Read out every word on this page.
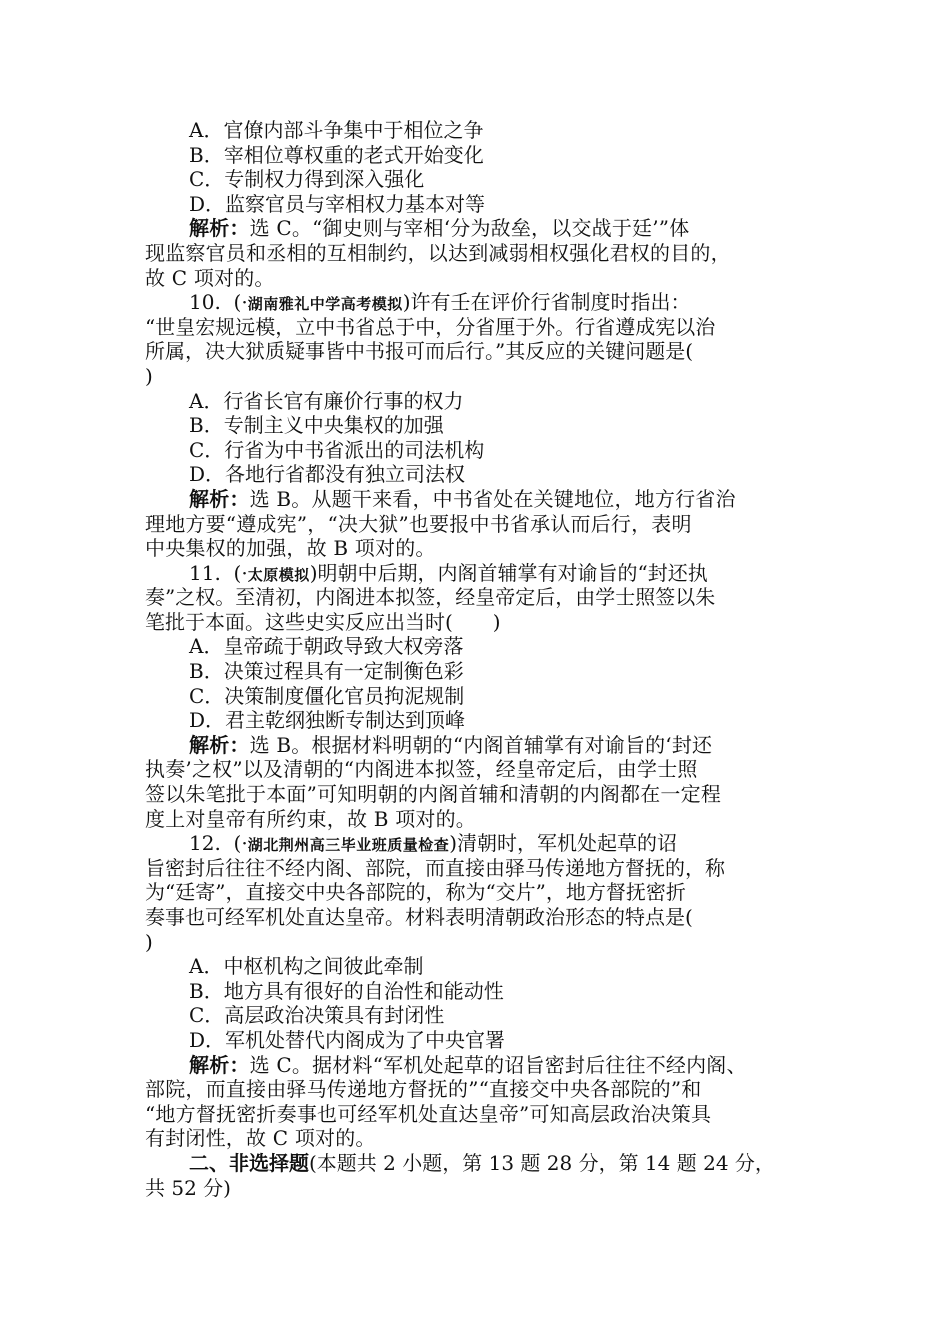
A．官僚内部斗争集中于相位之争
B．宰相位尊权重的老式开始变化
C．专制权力得到深入强化
D．监察官员与宰相权力基本对等
解析：选 C。“御史则与宰相‘分为敌垒，以交战于廷’”体
现监察官员和丞相的互相制约，以达到减弱相权强化君权的目的，
故 C 项对的。
10. (·湖南雅礼中学高考模拟)许有壬在评价行省制度时指出：
“世皇宏规远模，立中书省总于中，分省厘于外。行省遵成宪以治
所属，决大狱质疑事皆中书报可而后行。”其反应的关键问题是(
)
A．行省长官有廉价行事的权力
B．专制主义中央集权的加强
C．行省为中书省派出的司法机构
D．各地行省都没有独立司法权
解析：选 B。从题干来看，中书省处在关键地位，地方行省治
理地方要“遵成宪”，“决大狱”也要报中书省承认而后行，表明
中央集权的加强，故 B 项对的。
11. (·太原模拟)明朝中后期，内阁首辅掌有对谕旨的“封还执
奏”之权。至清初，内阁进本拟签，经皇帝定后，由学士照签以朱
笔批于本面。这些史实反应出当时(　　)
A．皇帝疏于朝政导致大权旁落
B．决策过程具有一定制衡色彩
C．决策制度僵化官员拘泥规制
D．君主乾纲独断专制达到顶峰
解析：选 B。根据材料明朝的“内阁首辅掌有对谕旨的‘封还
执奏’之权”以及清朝的“内阁进本拟签，经皇帝定后，由学士照
签以朱笔批于本面”可知明朝的内阁首辅和清朝的内阁都在一定程
度上对皇帝有所约束，故 B 项对的。
12. (·湖北荆州高三毕业班质量检查)清朝时，军机处起草的诏
旨密封后往往不经内阁、部院，而直接由驿马传递地方督抚的，称
为“廷寄”，直接交中央各部院的，称为“交片”，地方督抚密折
奏事也可经军机处直达皇帝。材料表明清朝政治形态的特点是(
)
A．中枢机构之间彼此牵制
B．地方具有很好的自治性和能动性
C．高层政治决策具有封闭性
D．军机处替代内阁成为了中央官署
解析：选 C。据材料“军机处起草的诏旨密封后往往不经内阁、
部院，而直接由驿马传递地方督抚的”“直接交中央各部院的”和
“地方督抚密折奏事也可经军机处直达皇帝”可知高层政治决策具
有封闭性，故 C 项对的。
二、非选择题(本题共 2 小题，第 13 题 28 分，第 14 题 24 分，
共 52 分)
